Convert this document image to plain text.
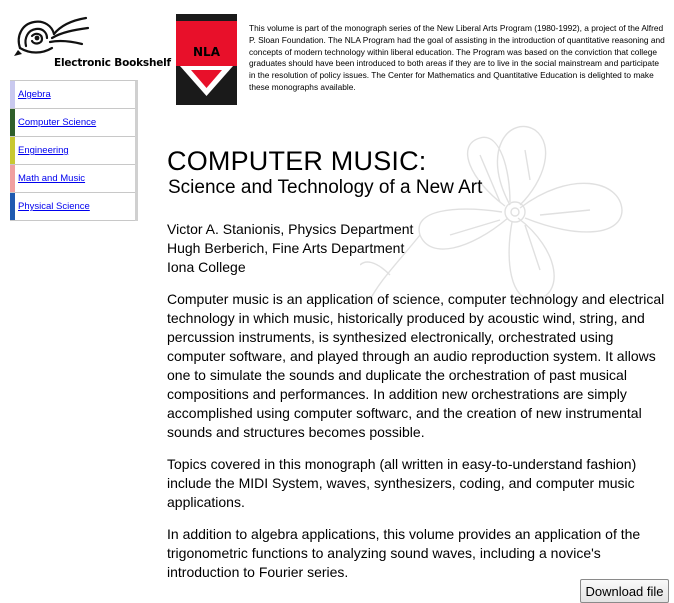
Electronic Bookshelf
Algebra
Computer Science
Engineering
Math and Music
Physical Science
NLA

This volume is part of the monograph series of the New Liberal Arts Program (1980-1992), a project of the Alfred P. Sloan Foundation. The NLA Program had the goal of assisting in the introduction of quantitative reasoning and concepts of modern technology within liberal education. The Program was based on the conviction that college graduates should have been introduced to both areas if they are to live in the social mainstream and participate in the resolution of policy issues. The Center for Mathematics and Quantitative Education is delighted to make these monographs available.

COMPUTER MUSIC:
Science and Technology of a New Art
Victor A. Stanionis, Physics Department
Hugh Berberich, Fine Arts Department
Iona College

Computer music is an application of science, computer technology and electrical technology in which music, historically produced by acoustic wind, string, and percussion instruments, is synthesized electronically, orchestrated using computer software, and played through an audio reproduction system. It allows one to simulate the sounds and duplicate the orchestration of past musical compositions and performances. In addition new orchestrations are simply accomplished using computer softwarc, and the creation of new instrumental sounds and structures becomes possible.

Topics covered in this monograph (all written in easy-to-understand fashion) include the MIDI System, waves, synthesizers, coding, and computer music applications.

In addition to algebra applications, this volume provides an application of the trigonometric functions to analyzing sound waves, including a novice's introduction to Fourier series.

Download file
